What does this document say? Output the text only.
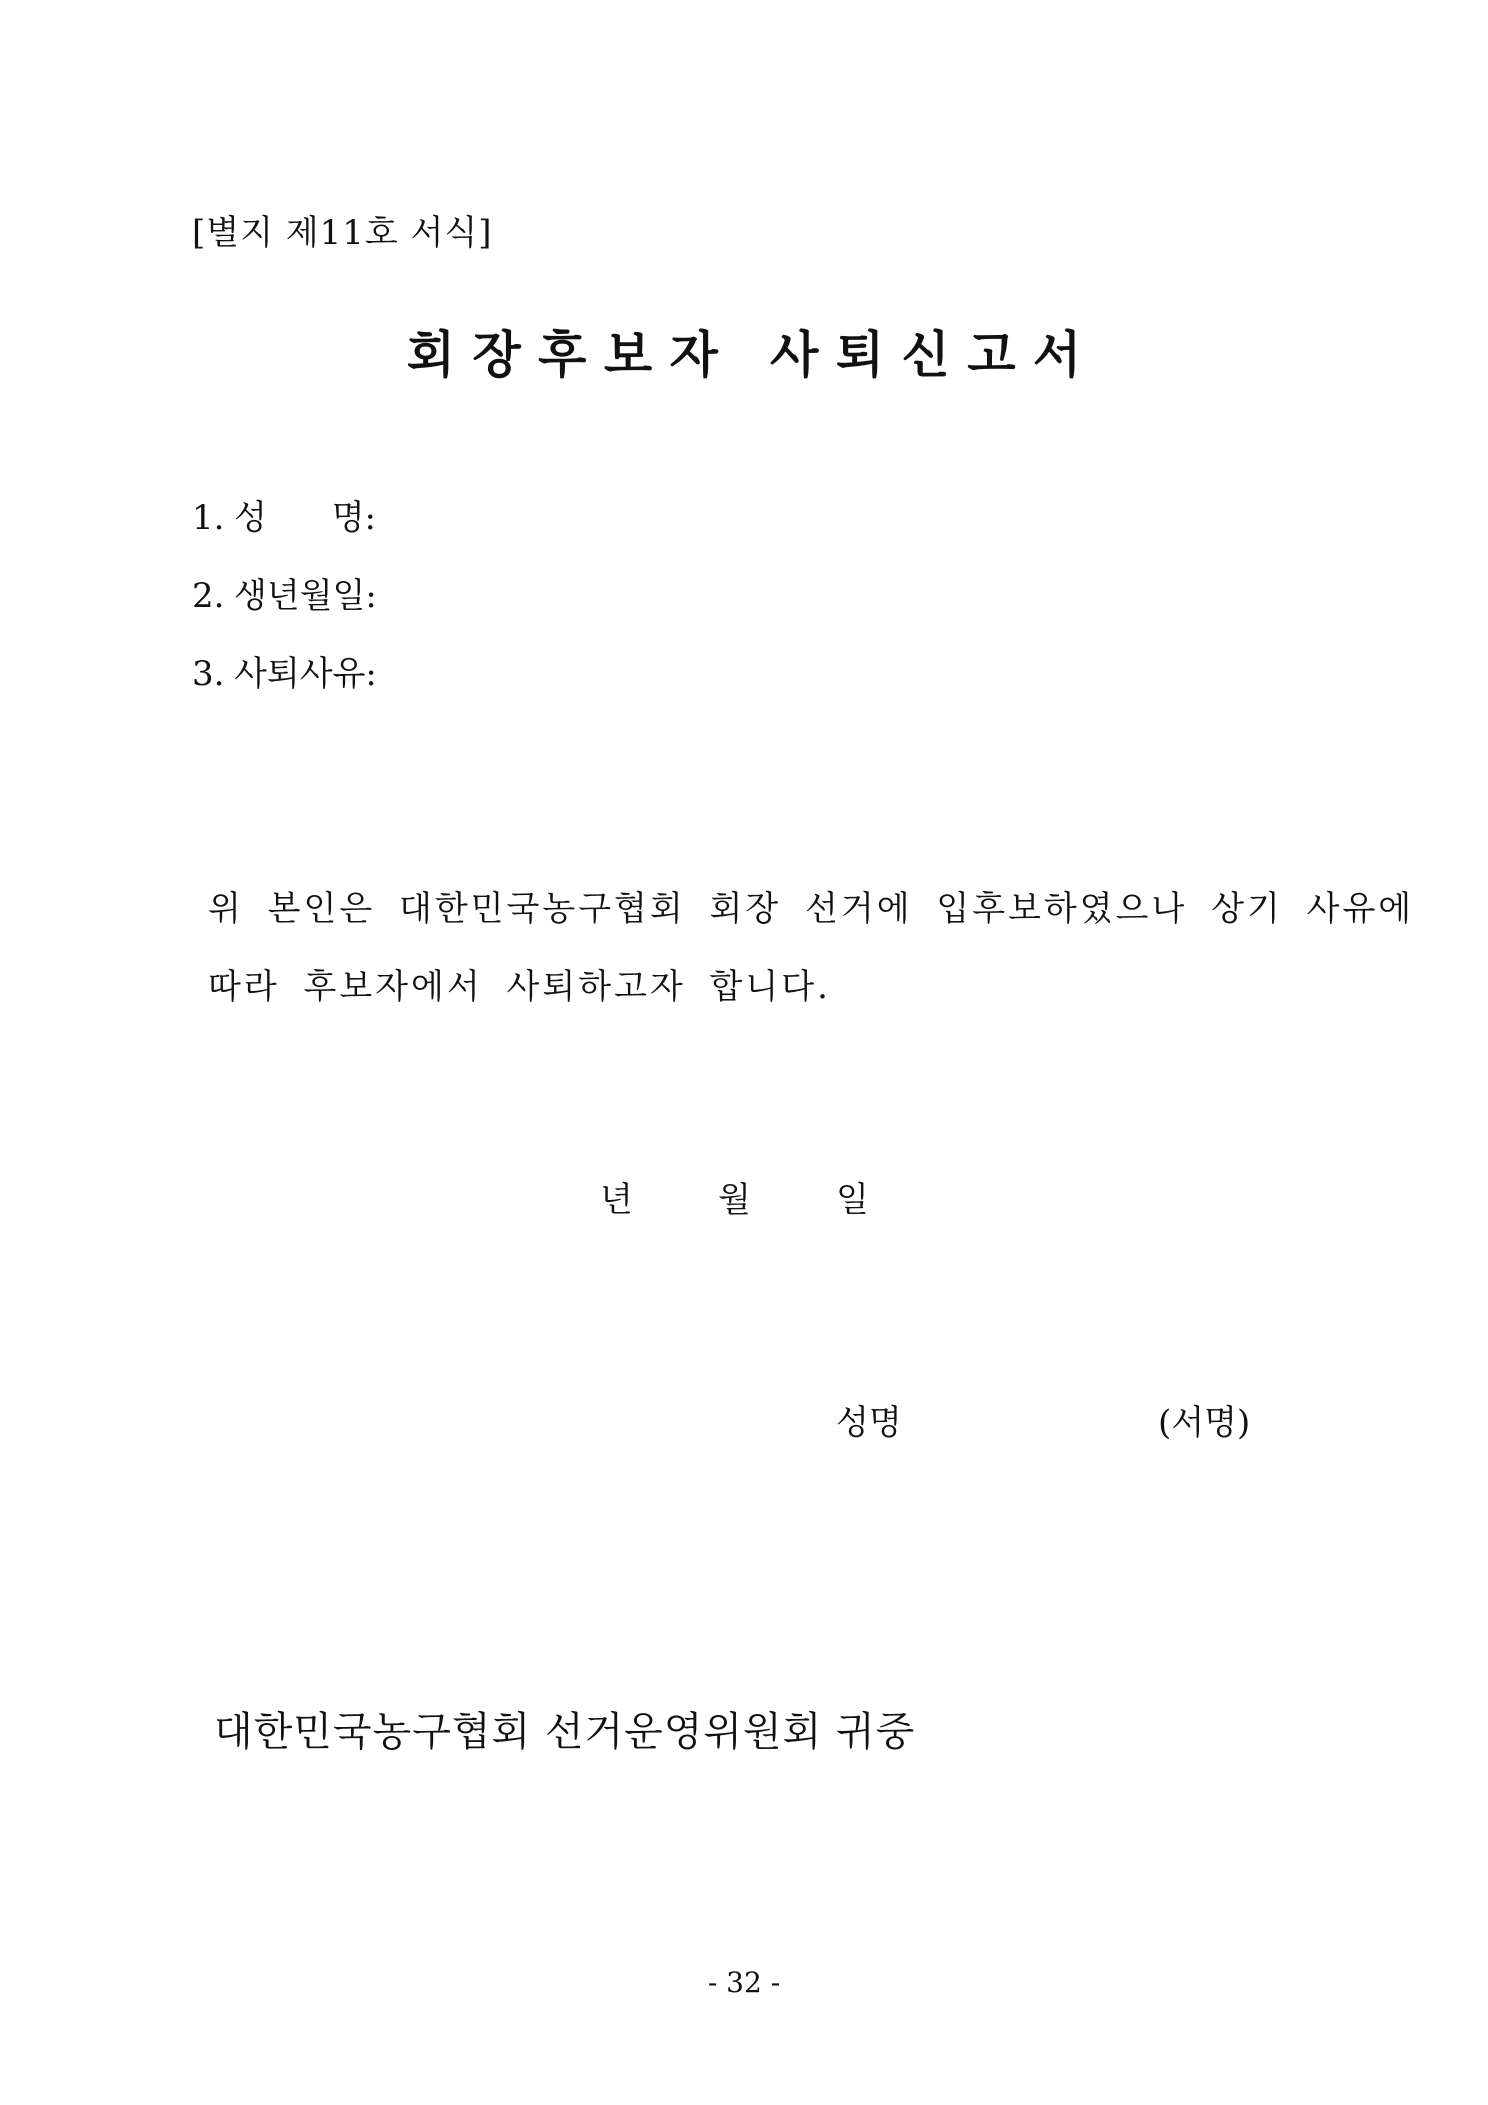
[별지 제11호 서식]
회 장 후 보 자   사 퇴 신 고 서
1. 성      명:
2. 생년월일:
3. 사퇴사유:
위 본인은 대한민국농구협회 회장 선거에 입후보하였으나 상기 사유에
따라 후보자에서 사퇴하고자 합니다.
년	월	일
성명	(서명)
대한민국농구협회 선거운영위원회 귀중
- 32 -
